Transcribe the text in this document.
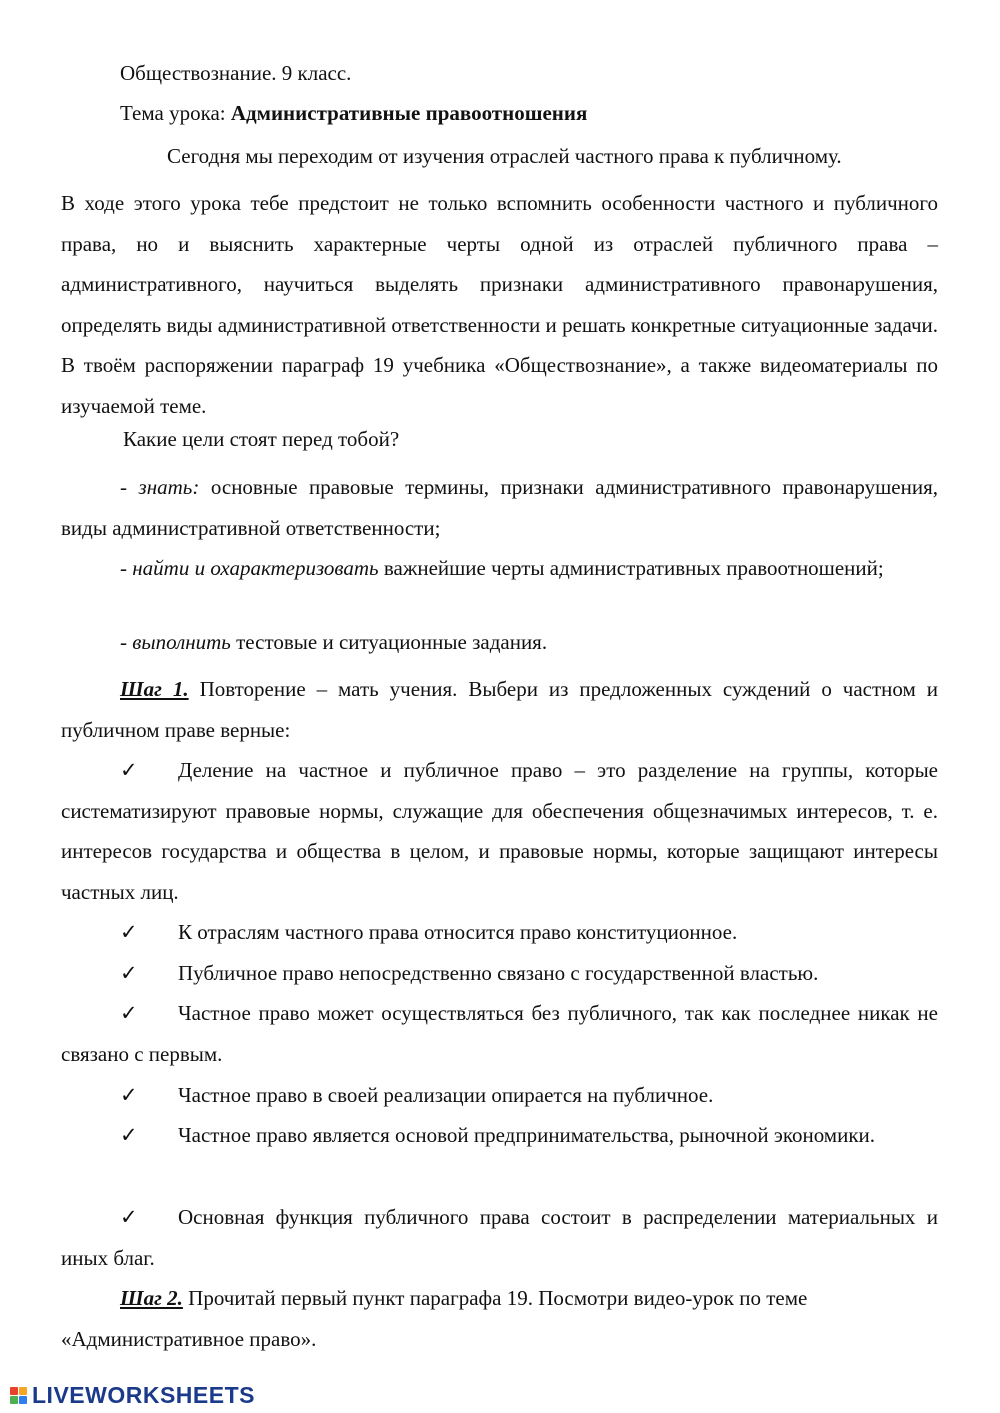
Обществознание. 9 класс.
Тема урока: Административные правоотношения
Сегодня мы переходим от изучения отраслей частного права к публичному.

В ходе этого урока тебе предстоит не только вспомнить особенности частного и публичного права, но и выяснить характерные черты одной из отраслей публичного права – административного, научиться выделять признаки административного правонарушения, определять виды административной ответственности и решать конкретные ситуационные задачи. В твоём распоряжении параграф 19 учебника «Обществознание», а также видеоматериалы по изучаемой теме.

Какие цели стоят перед тобой?

- знать: основные правовые термины, признаки административного правонарушения, виды административной ответственности;

- найти и охарактеризовать важнейшие черты административных правоотношений;

- выполнить тестовые и ситуационные задания.

Шаг 1. Повторение – мать учения. Выбери из предложенных суждений о частном и публичном праве верные:

✓ Деление на частное и публичное право – это разделение на группы, которые систематизируют правовые нормы, служащие для обеспечения общезначимых интересов, т. е. интересов государства и общества в целом, и правовые нормы, которые защищают интересы частных лиц.

✓ К отраслям частного права относится право конституционное.

✓ Публичное право непосредственно связано с государственной властью.

✓ Частное право может осуществляться без публичного, так как последнее никак не связано с первым.

✓ Частное право в своей реализации опирается на публичное.

✓ Частное право является основой предпринимательства, рыночной экономики.

✓ Основная функция публичного права состоит в распределении материальных и иных благ.

Шаг 2. Прочитай первый пункт параграфа 19. Посмотри видео-урок по теме «Административное право».

LIVEWORKSHEETS
